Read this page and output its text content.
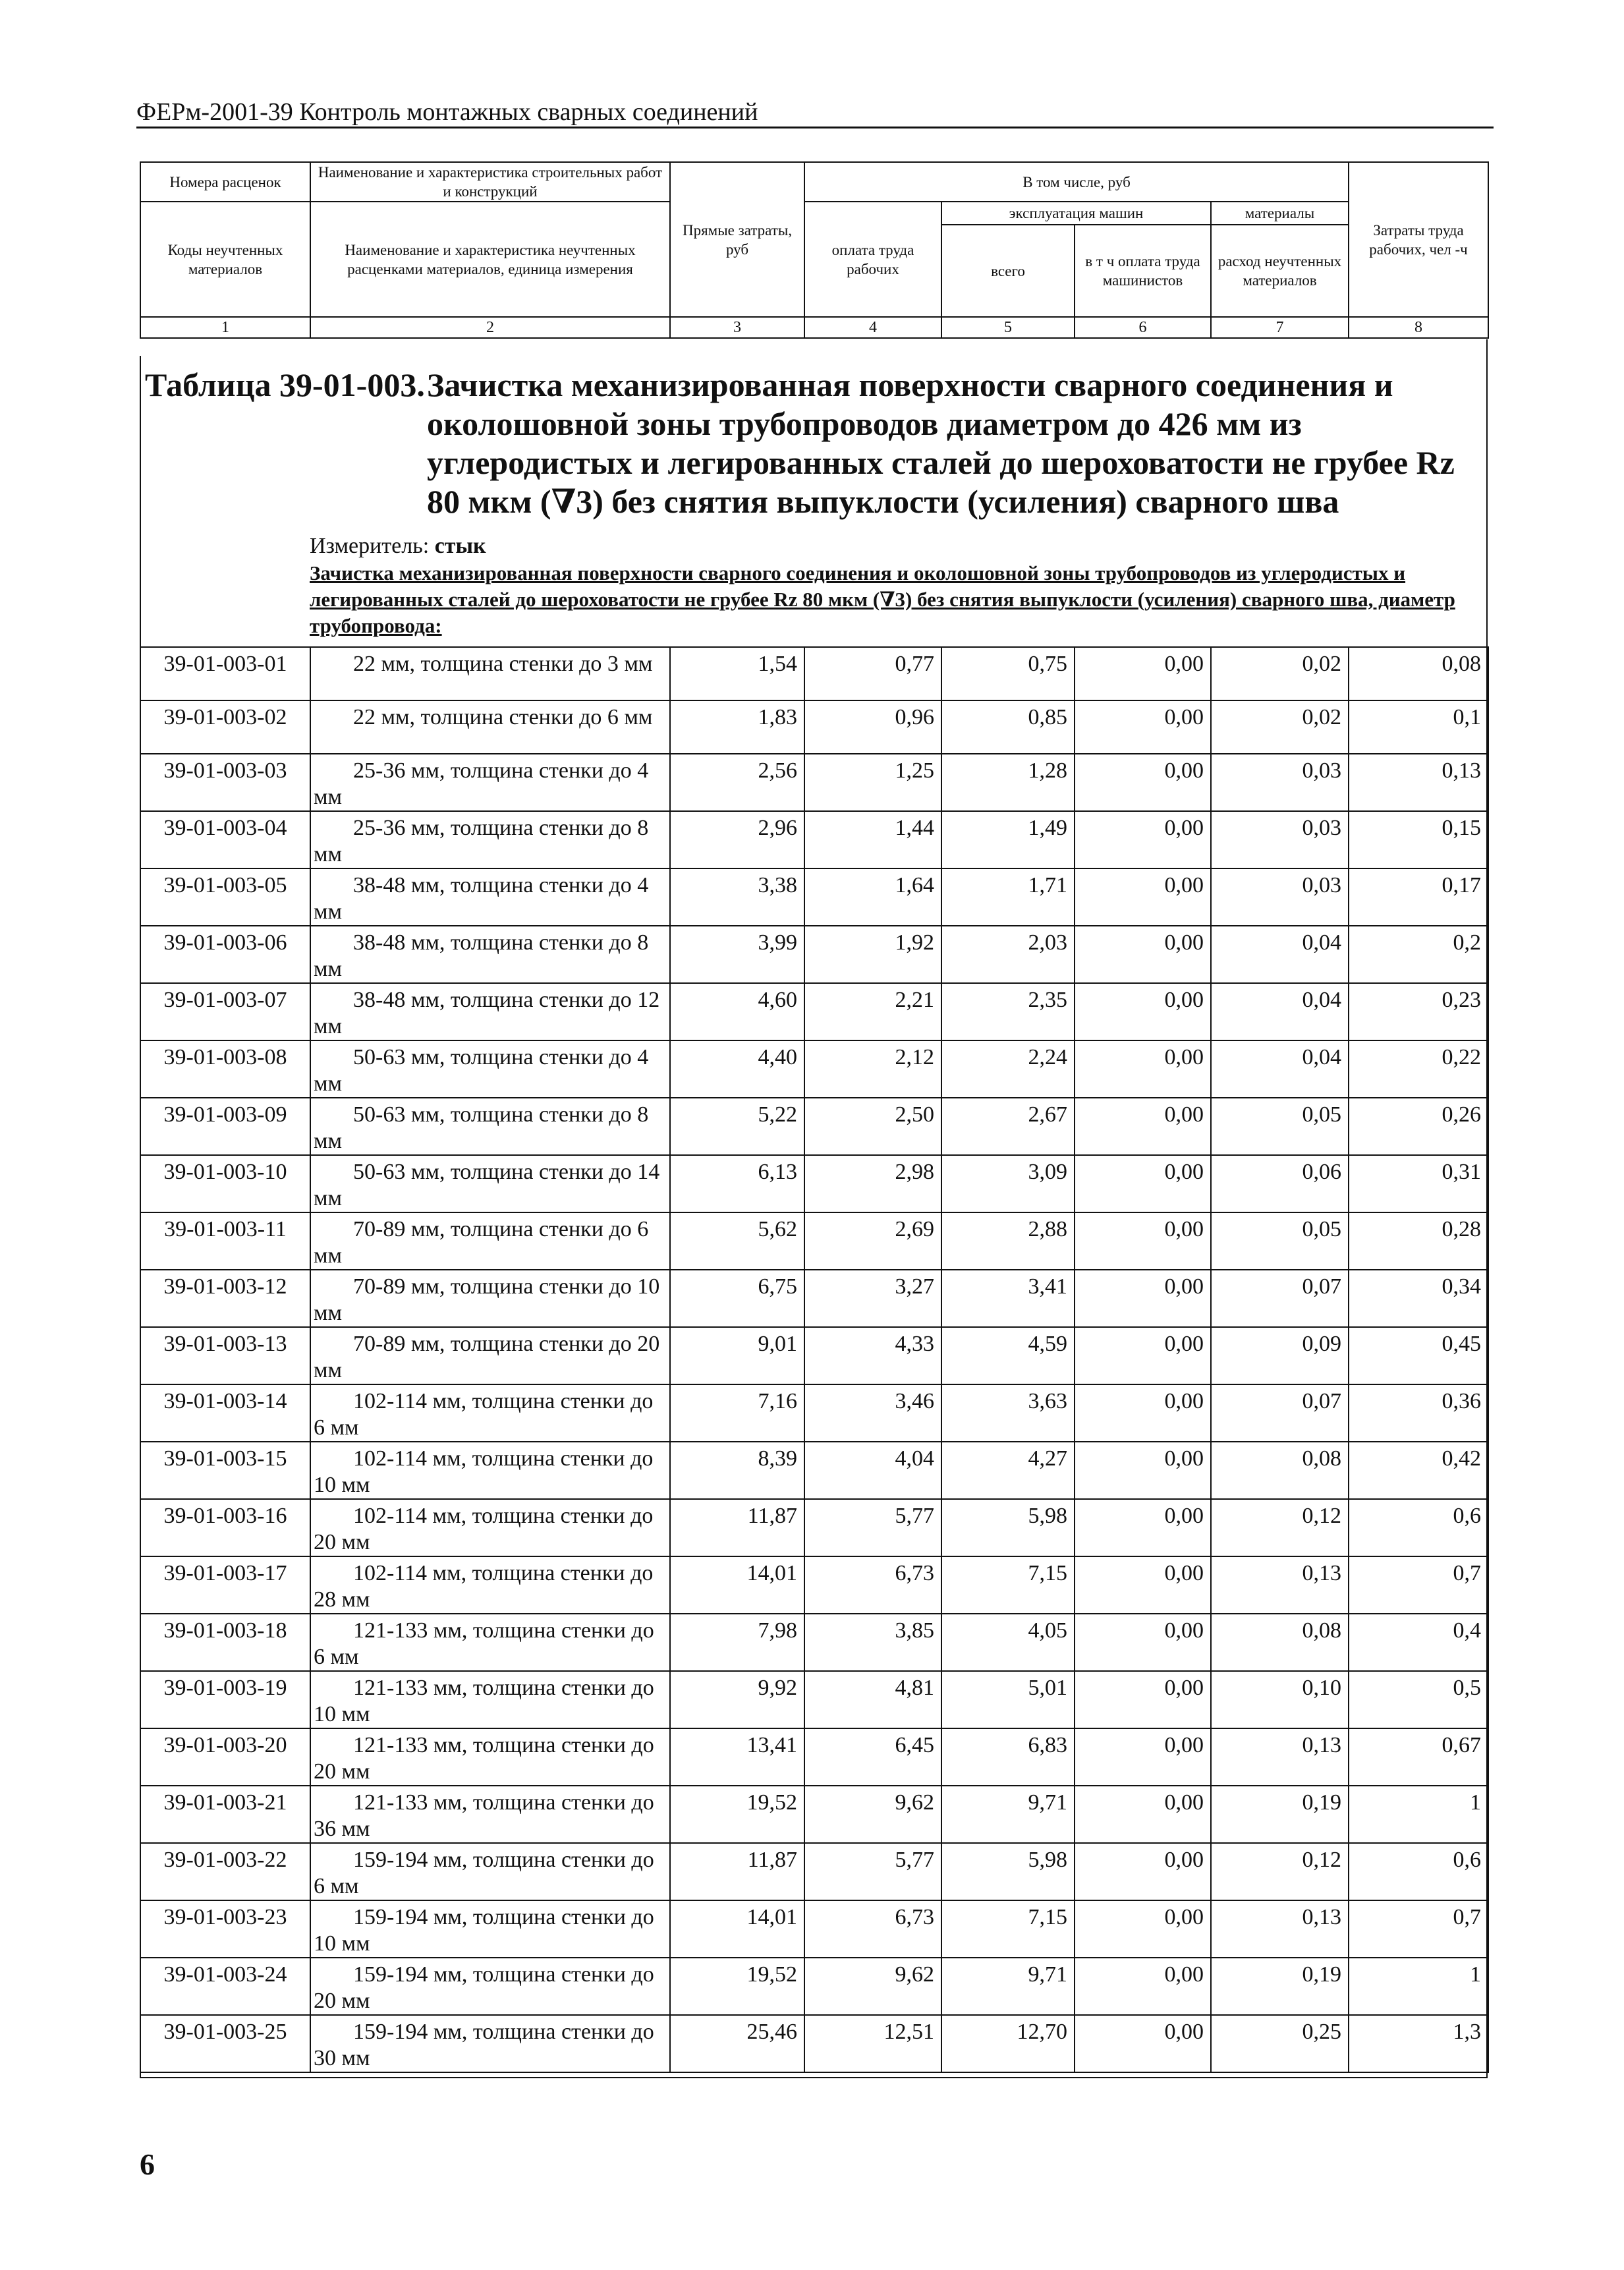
ФЕРм-2001-39 Контроль монтажных сварных соединений
Номера расценок	Наименование и характеристика строительных работ и конструкций	Прямые затраты, руб	В том числе, руб				Затраты труда рабочих, чел -ч
Коды неучтенных материалов	Наименование и характеристика неучтенных расценками материалов, единица измерения		оплата труда рабочих	эксплуатация машин		материалы	
				всего	в т ч оплата труда машинистов	расход неучтенных материалов	

1	2	3	4	5	6	7	8
Таблица 39-01-003. Зачистка механизированная поверхности сварного соединения и околошовной зоны трубопроводов диаметром до 426 мм из углеродистых и легированных сталей до шероховатости не грубее Rz 80 мкм (∇3) без снятия выпуклости (усиления) сварного шва
Измеритель: стык
Зачистка механизированная поверхности сварного соединения и околошовной зоны трубопроводов из углеродистых и легированных сталей до шероховатости не грубее Rz 80 мкм (∇3) без снятия выпуклости (усиления) сварного шва, диаметр трубопровода:
39-01-003-01	22 мм, толщина стенки до 3 мм	1,54	0,77	0,75	0,00	0,02	0,08
39-01-003-02	22 мм, толщина стенки до 6 мм	1,83	0,96	0,85	0,00	0,02	0,1
39-01-003-03	25-36 мм, толщина стенки до 4 мм	2,56	1,25	1,28	0,00	0,03	0,13
39-01-003-04	25-36 мм, толщина стенки до 8 мм	2,96	1,44	1,49	0,00	0,03	0,15
39-01-003-05	38-48 мм, толщина стенки до 4 мм	3,38	1,64	1,71	0,00	0,03	0,17
39-01-003-06	38-48 мм, толщина стенки до 8 мм	3,99	1,92	2,03	0,00	0,04	0,2
39-01-003-07	38-48 мм, толщина стенки до 12 мм	4,60	2,21	2,35	0,00	0,04	0,23
39-01-003-08	50-63 мм, толщина стенки до 4 мм	4,40	2,12	2,24	0,00	0,04	0,22
39-01-003-09	50-63 мм, толщина стенки до 8 мм	5,22	2,50	2,67	0,00	0,05	0,26
39-01-003-10	50-63 мм, толщина стенки до 14 мм	6,13	2,98	3,09	0,00	0,06	0,31
39-01-003-11	70-89 мм, толщина стенки до 6 мм	5,62	2,69	2,88	0,00	0,05	0,28
39-01-003-12	70-89 мм, толщина стенки до 10 мм	6,75	3,27	3,41	0,00	0,07	0,34
39-01-003-13	70-89 мм, толщина стенки до 20 мм	9,01	4,33	4,59	0,00	0,09	0,45
39-01-003-14	102-114 мм, толщина стенки до 6 мм	7,16	3,46	3,63	0,00	0,07	0,36
39-01-003-15	102-114 мм, толщина стенки до 10 мм	8,39	4,04	4,27	0,00	0,08	0,42
39-01-003-16	102-114 мм, толщина стенки до 20 мм	11,87	5,77	5,98	0,00	0,12	0,6
39-01-003-17	102-114 мм, толщина стенки до 28 мм	14,01	6,73	7,15	0,00	0,13	0,7
39-01-003-18	121-133 мм, толщина стенки до 6 мм	7,98	3,85	4,05	0,00	0,08	0,4
39-01-003-19	121-133 мм, толщина стенки до 10 мм	9,92	4,81	5,01	0,00	0,10	0,5
39-01-003-20	121-133 мм, толщина стенки до 20 мм	13,41	6,45	6,83	0,00	0,13	0,67
39-01-003-21	121-133 мм, толщина стенки до 36 мм	19,52	9,62	9,71	0,00	0,19	1
39-01-003-22	159-194 мм, толщина стенки до 6 мм	11,87	5,77	5,98	0,00	0,12	0,6
39-01-003-23	159-194 мм, толщина стенки до 10 мм	14,01	6,73	7,15	0,00	0,13	0,7
39-01-003-24	159-194 мм, толщина стенки до 20 мм	19,52	9,62	9,71	0,00	0,19	1
39-01-003-25	159-194 мм, толщина стенки до 30 мм	25,46	12,51	12,70	0,00	0,25	1,3
6
